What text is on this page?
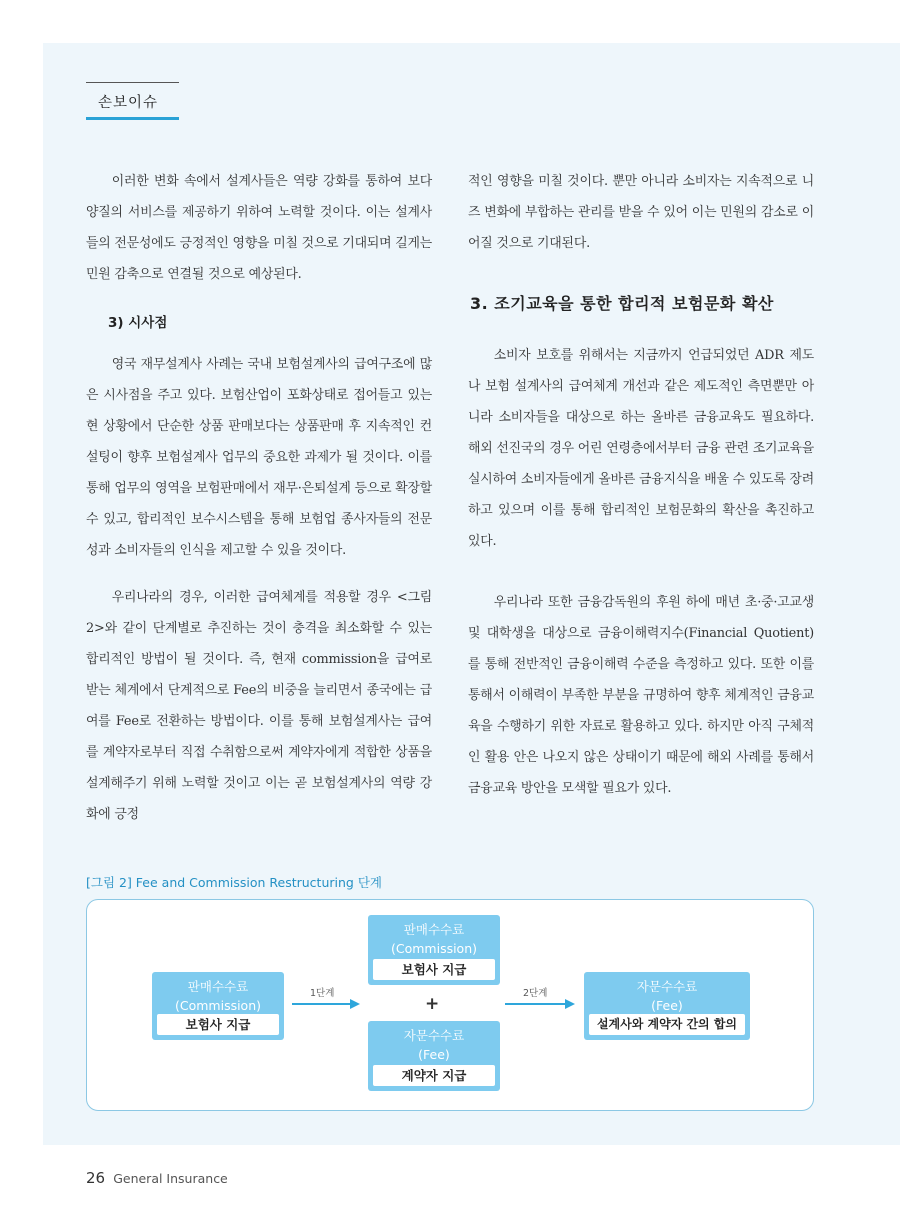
손보이슈

이러한 변화 속에서 설계사들은 역량 강화를 통하여 보다 양질의 서비스를 제공하기 위하여 노력할 것이다. 이는 설계사들의 전문성에도 긍정적인 영향을 미칠 것으로 기대되며 길게는 민원 감축으로 연결될 것으로 예상된다.

3) 시사점

영국 재무설계사 사례는 국내 보험설계사의 급여구조에 많은 시사점을 주고 있다. 보험산업이 포화상태로 접어들고 있는 현 상황에서 단순한 상품 판매보다는 상품판매 후 지속적인 컨설팅이 향후 보험설계사 업무의 중요한 과제가 될 것이다. 이를 통해 업무의 영역을 보험판매에서 재무·은퇴설계 등으로 확장할 수 있고, 합리적인 보수시스템을 통해 보험업 종사자들의 전문성과 소비자들의 인식을 제고할 수 있을 것이다.

우리나라의 경우, 이러한 급여체계를 적용할 경우 <그림 2>와 같이 단계별로 추진하는 것이 충격을 최소화할 수 있는 합리적인 방법이 될 것이다. 즉, 현재 commission을 급여로 받는 체계에서 단계적으로 Fee의 비중을 늘리면서 종국에는 급여를 Fee로 전환하는 방법이다. 이를 통해 보험설계사는 급여를 계약자로부터 직접 수취함으로써 계약자에게 적합한 상품을 설계해주기 위해 노력할 것이고 이는 곧 보험설계사의 역량 강화에 긍정

적인 영향을 미칠 것이다. 뿐만 아니라 소비자는 지속적으로 니즈 변화에 부합하는 관리를 받을 수 있어 이는 민원의 감소로 이어질 것으로 기대된다.

3. 조기교육을 통한 합리적 보험문화 확산

소비자 보호를 위해서는 지금까지 언급되었던 ADR 제도나 보험 설계사의 급여체계 개선과 같은 제도적인 측면뿐만 아니라 소비자들을 대상으로 하는 올바른 금융교육도 필요하다. 해외 선진국의 경우 어린 연령층에서부터 금융 관련 조기교육을 실시하여 소비자들에게 올바른 금융지식을 배울 수 있도록 장려하고 있으며 이를 통해 합리적인 보험문화의 확산을 촉진하고 있다.

우리나라 또한 금융감독원의 후원 하에 매년 초·중·고교생 및 대학생을 대상으로 금융이해력지수(Financial Quotient)를 통해 전반적인 금융이해력 수준을 측정하고 있다. 또한 이를 통해서 이해력이 부족한 부분을 규명하여 향후 체계적인 금융교육을 수행하기 위한 자료로 활용하고 있다. 하지만 아직 구체적인 활용 안은 나오지 않은 상태이기 때문에 해외 사례를 통해서 금융교육 방안을 모색할 필요가 있다.

[그림 2] Fee and Commission Restructuring 단계
판매수수료
(Commission)
보험사 지급
판매수수료
(Commission)
보험사 지급
자문수수료
(Fee)
계약자 지급
자문수수료
(Fee)
설계사와 계약자 간의 합의
+
1단계	2단계
26 General Insurance
